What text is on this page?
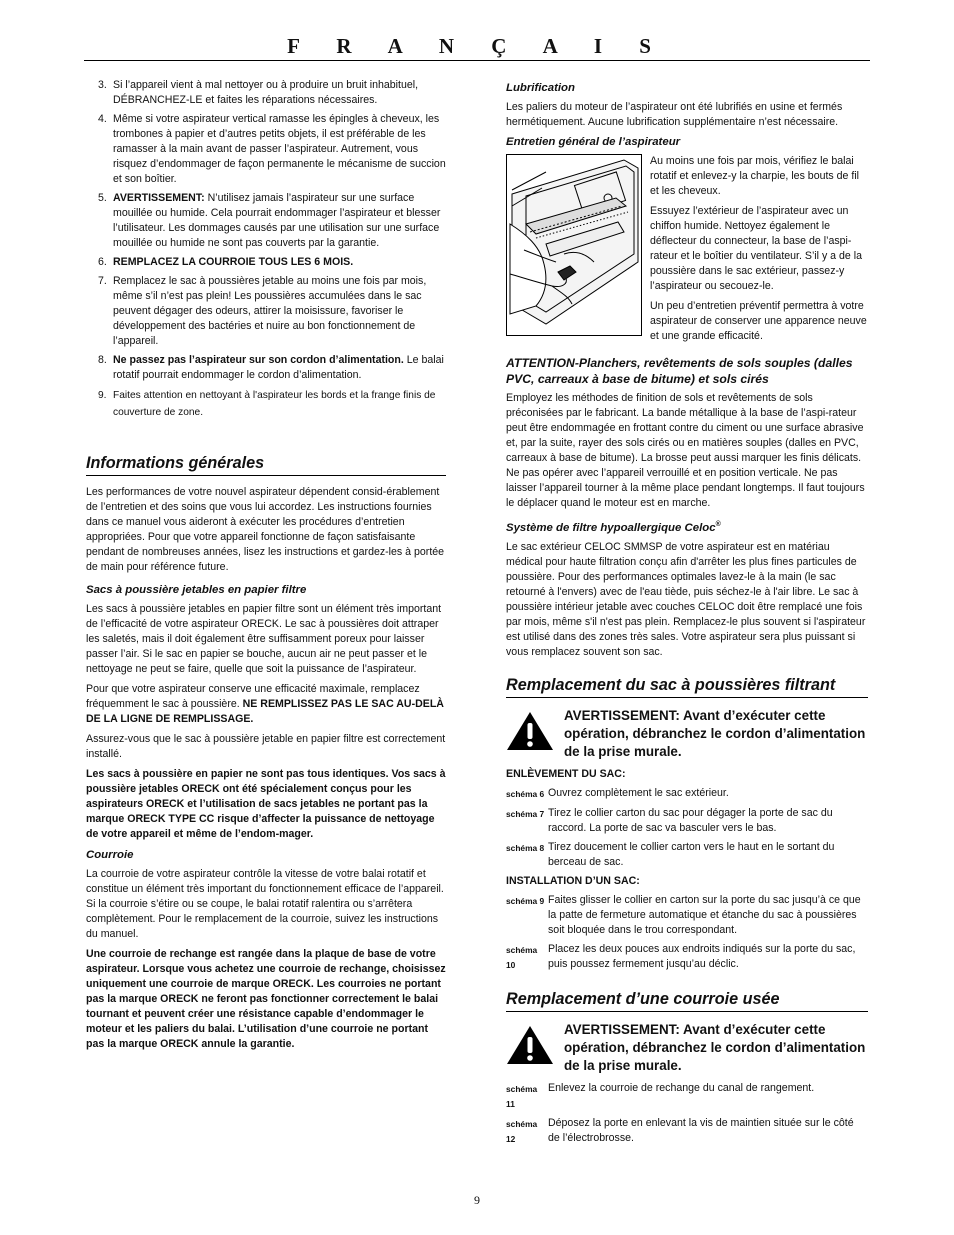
F R A N Ç A I S
3. Si l’appareil vient à mal nettoyer ou à produire un bruit inhabituel, DÉBRANCHEZ-LE et faites les réparations nécessaires.
4. Même si votre aspirateur vertical ramasse les épingles à cheveux, les trombones à papier et d’autres petits objets, il est préférable de les ramasser à la main avant de passer l’aspirateur. Autrement, vous risquez d’endommager de façon permanente le mécanisme de succion et son boîtier.
5. AVERTISSEMENT: N’utilisez jamais l’aspirateur sur une surface mouillée ou humide. Cela pourrait endommager l’aspirateur et blesser l’utilisateur. Les dommages causés par une utilisation sur une surface mouillée ou humide ne sont pas couverts par la garantie.
6. REMPLACEZ LA COURROIE TOUS LES 6 MOIS.
7. Remplacez le sac à poussières jetable au moins une fois par mois, même s’il n’est pas plein! Les poussières accumulées dans le sac peuvent dégager des odeurs, attirer la moisissure, favoriser le développement des bactéries et nuire au bon fonctionnement de l’appareil.
8. Ne passez pas l’aspirateur sur son cordon d’alimentation. Le balai rotatif pourrait endommager le cordon d’alimentation.
9. Faites attention en nettoyant à l'aspirateur les bords et la frange finis de couverture de zone.
Informations générales

Les performances de votre nouvel aspirateur dépendent consid-érablement de l’entretien et des soins que vous lui accordez. Les instructions fournies dans ce manuel vous aideront à exécuter les procédures d’entretien appropriées. Pour que votre appareil fonctionne de façon satisfaisante pendant de nombreuses années, lisez les instructions et gardez-les à portée de main pour référence future.

Sacs à poussière jetables en papier filtre

Les sacs à poussière jetables en papier filtre sont un élément très important de l’efficacité de votre aspirateur ORECK. Le sac à poussières doit attraper les saletés, mais il doit également être suffisamment poreux pour laisser passer l’air. Si le sac en papier se bouche, aucun air ne peut passer et le nettoyage ne peut se faire, quelle que soit la puissance de l’aspirateur.

Pour que votre aspirateur conserve une efficacité maximale, remplacez fréquemment le sac à poussière. NE REMPLISSEZ PAS LE SAC AU-DELÀ DE LA LIGNE DE REMPLISSAGE.

Assurez-vous que le sac à poussière jetable en papier filtre est correctement installé.

Les sacs à poussière en papier ne sont pas tous identiques. Vos sacs à poussière jetables ORECK ont été spécialement conçus pour les aspirateurs ORECK et l’utilisation de sacs jetables ne portant pas la marque ORECK TYPE CC risque d’affecter la puissance de nettoyage de votre appareil et même de l’endom-mager.

Courroie

La courroie de votre aspirateur contrôle la vitesse de votre balai rotatif et constitue un élément très important du fonctionnement efficace de l’appareil. Si la courroie s’étire ou se coupe, le balai rotatif ralentira ou s’arrêtera complètement. Pour le remplacement de la courroie, suivez les instructions du manuel.

Une courroie de rechange est rangée dans la plaque de base de votre aspirateur. Lorsque vous achetez une courroie de rechange, choisissez uniquement une courroie de marque ORECK. Les courroies ne portant pas la marque ORECK ne feront pas fonctionner correctement le balai tournant et peuvent créer une résistance capable d’endommager le moteur et les paliers du balai. L’utilisation d’une courroie ne portant pas la marque ORECK annule la garantie.

Lubrification

Les paliers du moteur de l’aspirateur ont été lubrifiés en usine et fermés hermétiquement. Aucune lubrification supplémentaire n’est nécessaire.

Entretien général de l’aspirateur

Au moins une fois par mois, vérifiez le balai rotatif et enlevez-y la charpie, les bouts de fil et les cheveux.

Essuyez l’extérieur de l’aspirateur avec un chiffon humide. Nettoyez également le déflecteur du connecteur, la base de l’aspi-rateur et le boîtier du ventilateur. S’il y a de la poussière dans le sac extérieur, passez-y l’aspirateur ou secouez-le.

Un peu d’entretien préventif permettra à votre aspirateur de conserver une apparence neuve et une grande efficacité.

ATTENTION-Planchers, revêtements de sols souples (dalles PVC, carreaux à base de bitume) et sols cirés

Employez les méthodes de finition de sols et revêtements de sols préconisées par le fabricant. La bande métallique à la base de l’aspi-rateur peut être endommagée en frottant contre du ciment ou une surface abrasive et, par la suite, rayer des sols cirés ou en matières souples (dalles en PVC, carreaux à base de bitume). La brosse peut aussi marquer les finis délicats. Ne pas opérer avec l’appareil verrouillé et en position verticale. Ne pas laisser l’appareil tourner à la même place pendant longtemps. Il faut toujours le déplacer quand le moteur est en marche.

Système de filtre hypoallergique Celoc®

Le sac extérieur CELOC SMMSP de votre aspirateur est en matériau médical pour haute filtration conçu afin d'arrêter les plus fines particules de poussière. Pour des performances optimales lavez-le à la main (le sac retourné à l'envers) avec de l'eau tiède, puis séchez-le à l'air libre. Le sac à poussière intérieur jetable avec couches CELOC doit être remplacé une fois par mois, même s'il n'est pas plein. Remplacez-le plus souvent si l'aspirateur est utilisé dans des zones très sales. Votre aspirateur sera plus puissant si vous remplacez souvent son sac.

Remplacement du sac à poussières filtrant
AVERTISSEMENT: Avant d’exécuter cette opération, débranchez le cordon d’alimentation de la prise murale.
ENLÈVEMENT DU SAC:
schéma 6 Ouvrez complètement le sac extérieur.
schéma 7 Tirez le collier carton du sac pour dégager la porte de sac du raccord. La porte de sac va basculer vers le bas.
schéma 8 Tirez doucement le collier carton vers le haut en le sortant du berceau de sac.
INSTALLATION D’UN SAC:
schéma 9 Faites glisser le collier en carton sur la porte du sac jusqu’à ce que la patte de fermeture automatique et étanche du sac à poussières soit bloquée dans le trou correspondant.
schéma 10
Placez les deux pouces aux endroits indiqués sur la porte du sac, puis poussez fermement jusqu’au déclic.
Remplacement d’une courroie usée
AVERTISSEMENT: Avant d’exécuter cette opération, débranchez le cordon d’alimentation de la prise murale.
schéma 11
Enlevez la courroie de rechange du canal de rangement.
schéma 12
Déposez la porte en enlevant la vis de maintien située sur le côté de l’électrobrosse.
9
